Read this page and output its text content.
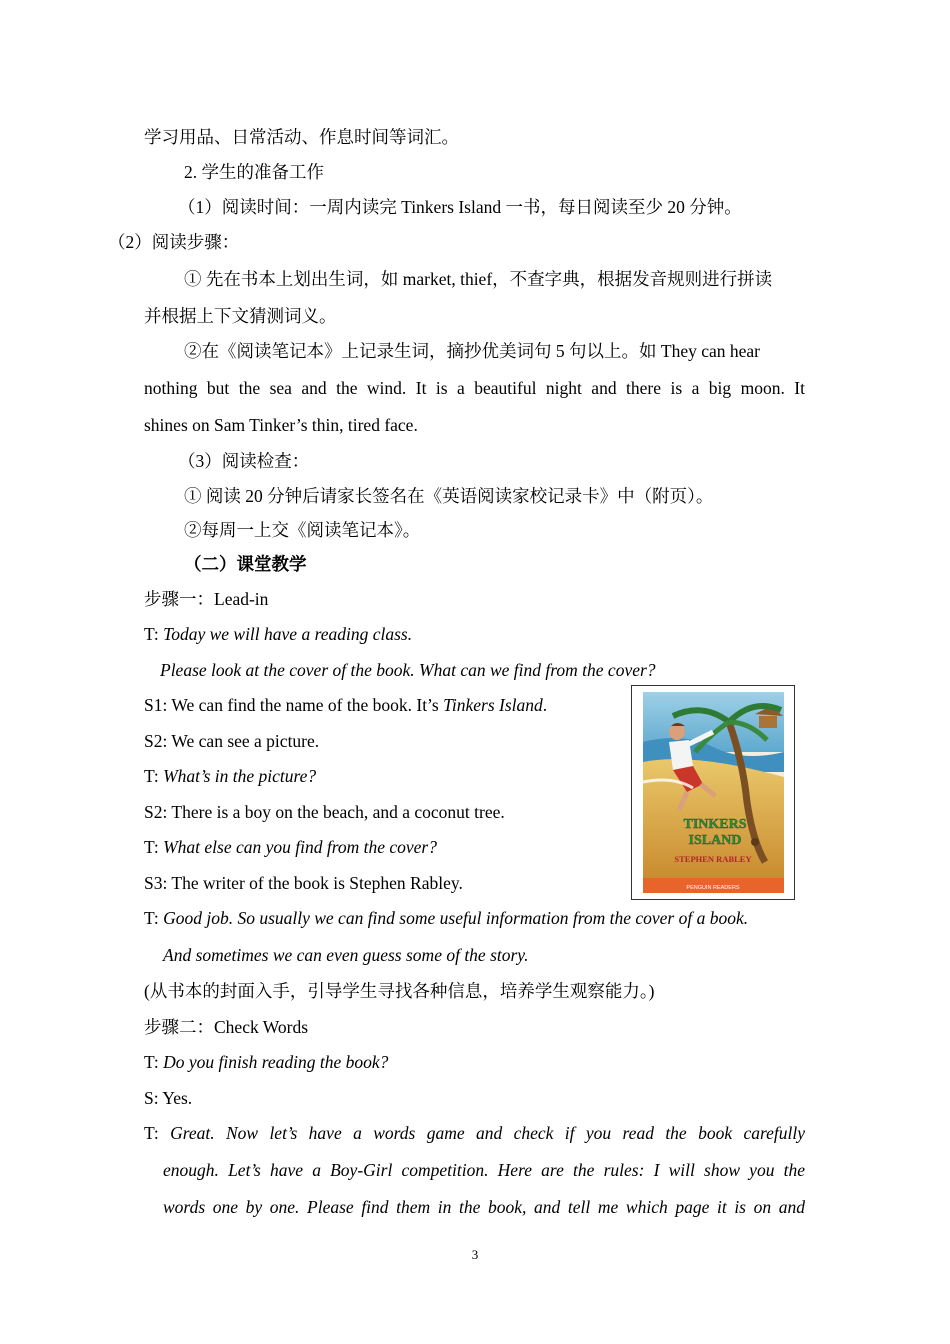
学习用品、日常活动、作息时间等词汇。
2. 学生的准备工作
（1）阅读时间：一周内读完 Tinkers Island 一书，每日阅读至少 20 分钟。
（2）阅读步骤：
① 先在书本上划出生词，如 market, thief，不查字典，根据发音规则进行拼读
并根据上下文猜测词义。
②在《阅读笔记本》上记录生词，摘抄优美词句 5 句以上。如 They can hear
nothing but the sea and the wind. It is a beautiful night and there is a big moon. It
shines on Sam Tinker’s thin, tired face.
（3）阅读检查：
① 阅读 20 分钟后请家长签名在《英语阅读家校记录卡》中（附页）。
②每周一上交《阅读笔记本》。
（二）课堂教学
步骤一：Lead-in
T: Today we will have a reading class.
Please look at the cover of the book. What can we find from the cover?
S1: We can find the name of the book. It’s Tinkers Island.
S2: We can see a picture.
T: What’s in the picture?
S2: There is a boy on the beach, and a coconut tree.
T: What else can you find from the cover?
S3: The writer of the book is Stephen Rabley.
T: Good job. So usually we can find some useful information from the cover of a book.
And sometimes we can even guess some of the story.
(从书本的封面入手，引导学生寻找各种信息，培养学生观察能力。)
步骤二：Check Words
T: Do you finish reading the book?
S: Yes.
T: Great. Now let’s have a words game and check if you read the book carefully
enough. Let’s have a Boy-Girl competition. Here are the rules: I will show you the
words one by one. Please find them in the book, and tell me which page it is on and
TINKERS
ISLAND
STEPHEN RABLEY
PENGUIN READERS
3
